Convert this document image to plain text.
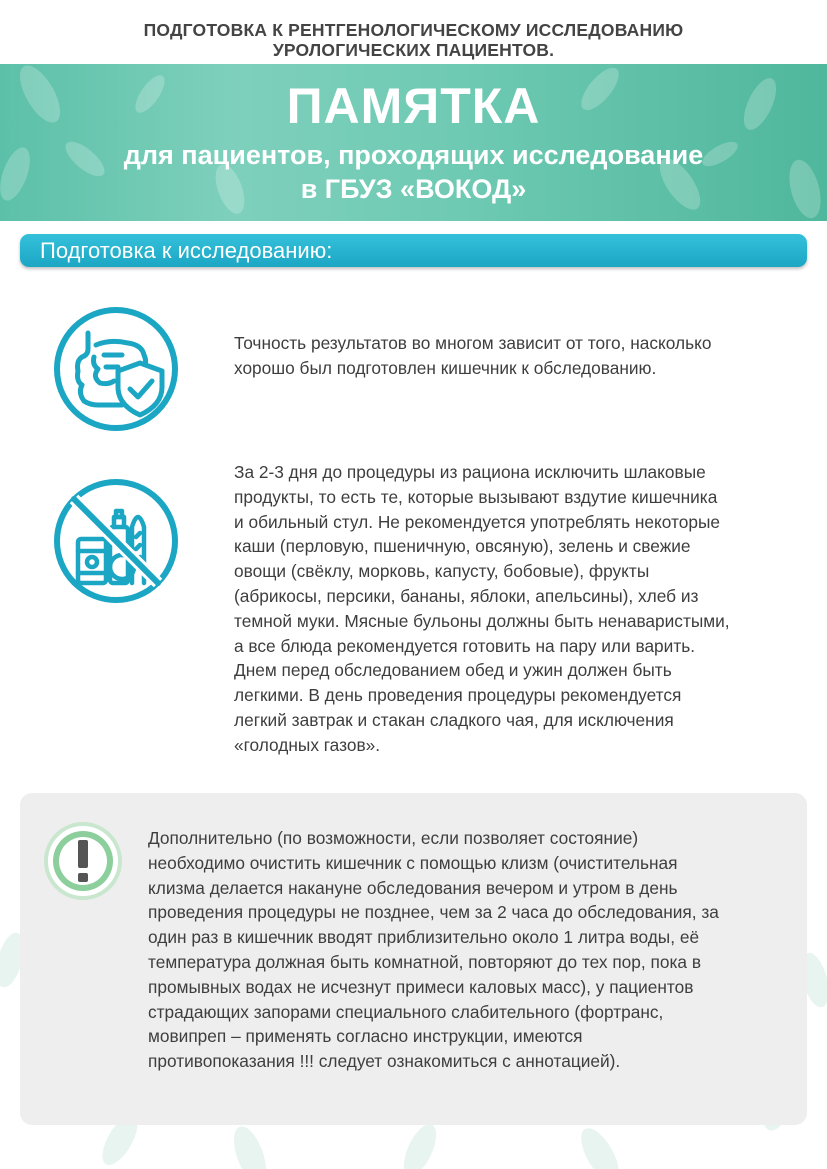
ПОДГОТОВКА К РЕНТГЕНОЛОГИЧЕСКОМУ ИССЛЕДОВАНИЮ
УРОЛОГИЧЕСКИХ ПАЦИЕНТОВ.
ПАМЯТКА
для пациентов, проходящих исследование
в ГБУЗ «ВОКОД»
Подготовка к исследованию:
Точность результатов во многом зависит от того, насколько
хорошо был подготовлен кишечник к обследованию.
За 2-3 дня до процедуры из рациона исключить шлаковые
продукты, то есть те, которые вызывают вздутие кишечника
и обильный стул. Не рекомендуется употреблять некоторые
каши (перловую, пшеничную, овсяную), зелень и свежие
овощи (свёклу, морковь, капусту, бобовые), фрукты
(абрикосы, персики, бананы, яблоки, апельсины), хлеб из
темной муки. Мясные бульоны должны быть ненаваристыми,
а все блюда рекомендуется готовить на пару или варить.
Днем перед обследованием обед и ужин должен быть
легкими. В день проведения процедуры рекомендуется
легкий завтрак и стакан сладкого чая, для исключения
«голодных газов».
Дополнительно (по возможности, если позволяет состояние)
необходимо очистить кишечник с помощью клизм (очистительная
клизма делается накануне обследования вечером и утром в день
проведения процедуры не позднее, чем за 2 часа до обследования, за
один раз в кишечник вводят приблизительно около 1 литра воды, её
температура должная быть комнатной, повторяют до тех пор, пока в
промывных водах не исчезнут примеси каловых масс), у пациентов
страдающих запорами специального слабительного (фортранс,
мовипреп – применять согласно инструкции, имеются
противопоказания !!! следует ознакомиться с аннотацией).
